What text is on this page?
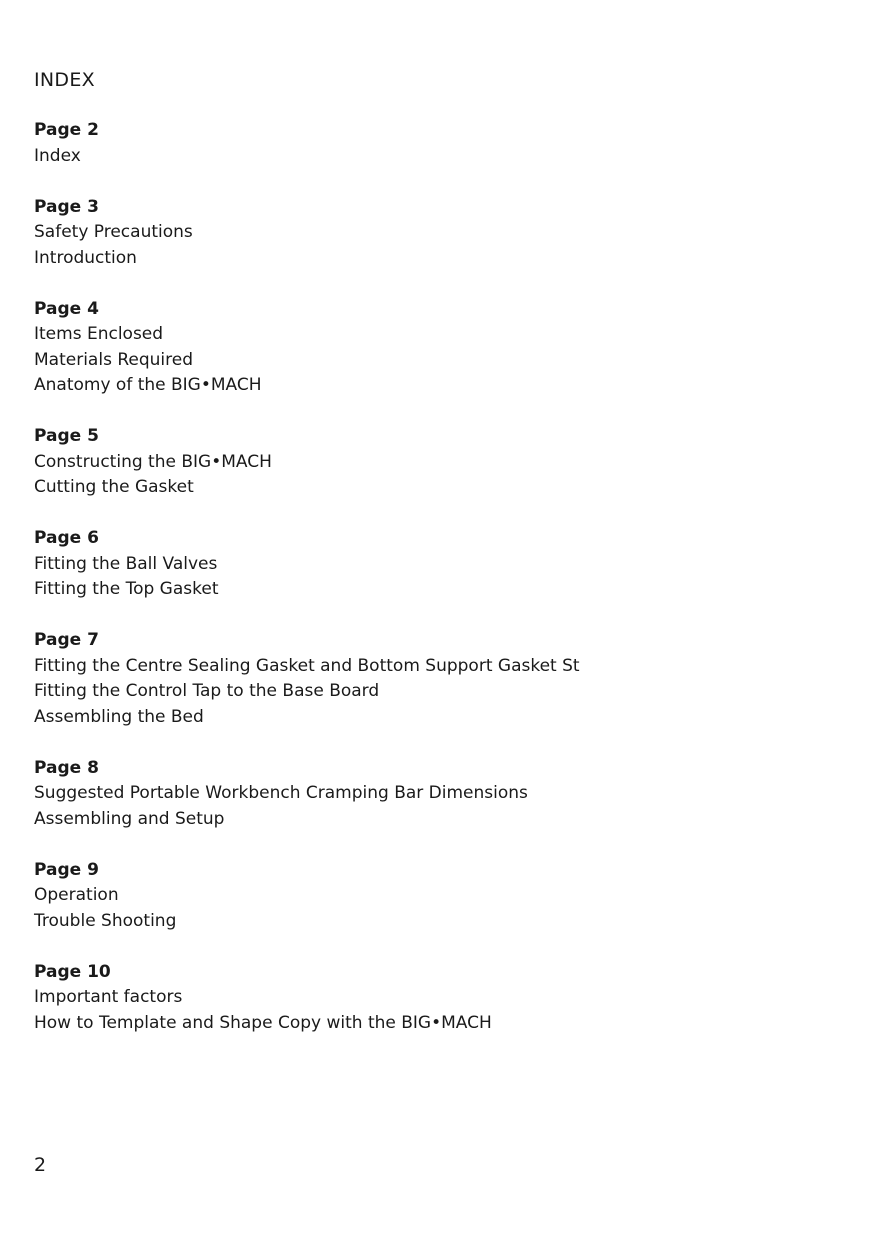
INDEX
Page 2
Index
Page 3
Safety Precautions
Introduction
Page 4
Items Enclosed
Materials Required
Anatomy of the BIG•MACH
Page 5
Constructing the BIG•MACH
Cutting the Gasket
Page 6
Fitting the Ball Valves
Fitting the Top Gasket
Page 7
Fitting the Centre Sealing Gasket and Bottom Support Gasket St
Fitting the Control Tap to the Base Board
Assembling the Bed
Page 8
Suggested Portable Workbench Cramping Bar Dimensions
Assembling and Setup
Page 9
Operation
Trouble Shooting
Page 10
Important factors
How to Template and Shape Copy with the BIG•MACH
2
